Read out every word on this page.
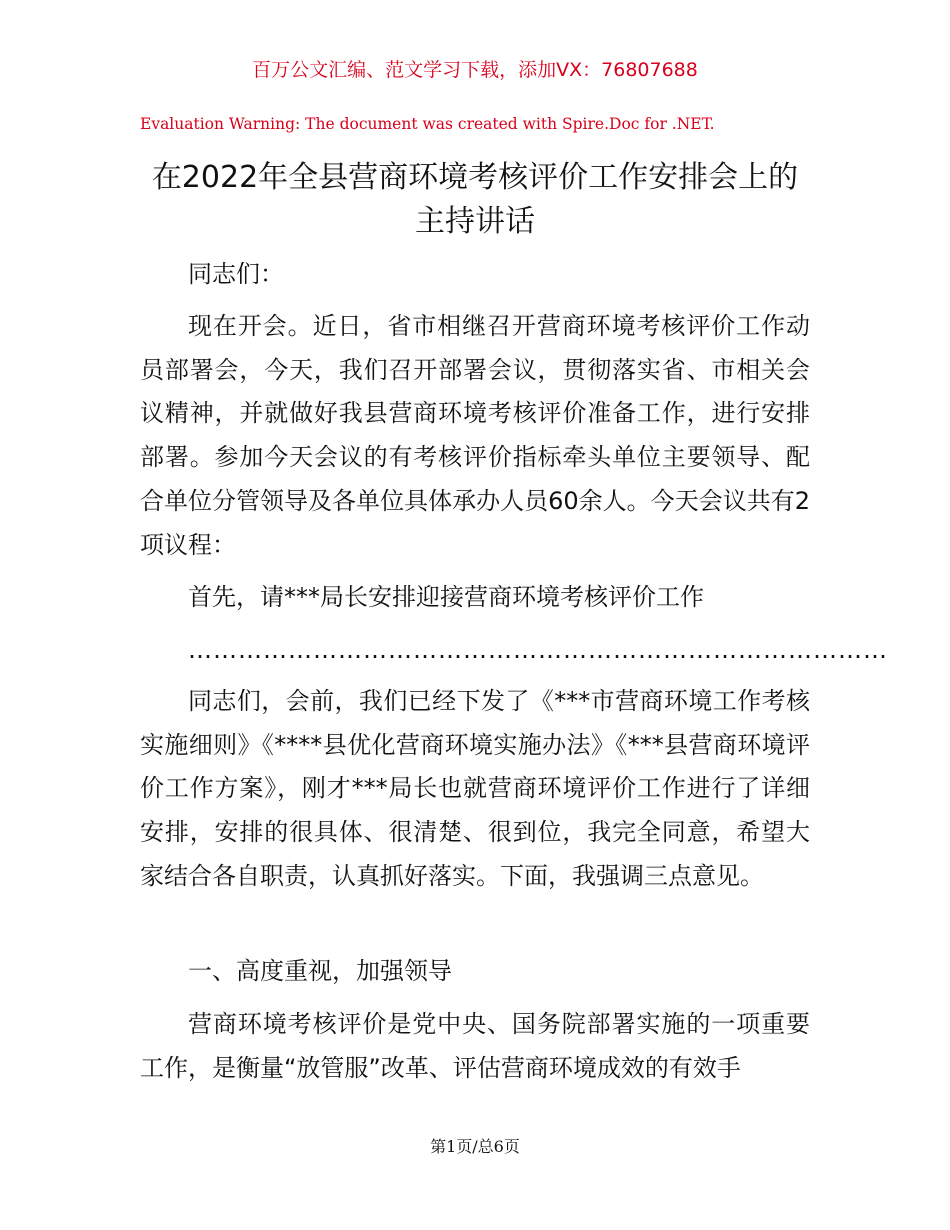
百万公文汇编、范文学习下载，添加VX：76807688
Evaluation Warning: The document was created with Spire.Doc for .NET.
在2022年全县营商环境考核评价工作安排会上的主持讲话

同志们：

现在开会。近日，省市相继召开营商环境考核评价工作动员部署会，今天，我们召开部署会议，贯彻落实省、市相关会议精神，并就做好我县营商环境考核评价准备工作，进行安排部署。参加今天会议的有考核评价指标牵头单位主要领导、配合单位分管领导及各单位具体承办人员60余人。今天会议共有2项议程：

首先，请***局长安排迎接营商环境考核评价工作

…………………………………………………………………………

同志们，会前，我们已经下发了《***市营商环境工作考核实施细则》《****县优化营商环境实施办法》《***县营商环境评价工作方案》，刚才***局长也就营商环境评价工作进行了详细安排，安排的很具体、很清楚、很到位，我完全同意，希望大家结合各自职责，认真抓好落实。下面，我强调三点意见。

一、高度重视，加强领导

营商环境考核评价是党中央、国务院部署实施的一项重要工作，是衡量“放管服”改革、评估营商环境成效的有效手

第1页/总6页
